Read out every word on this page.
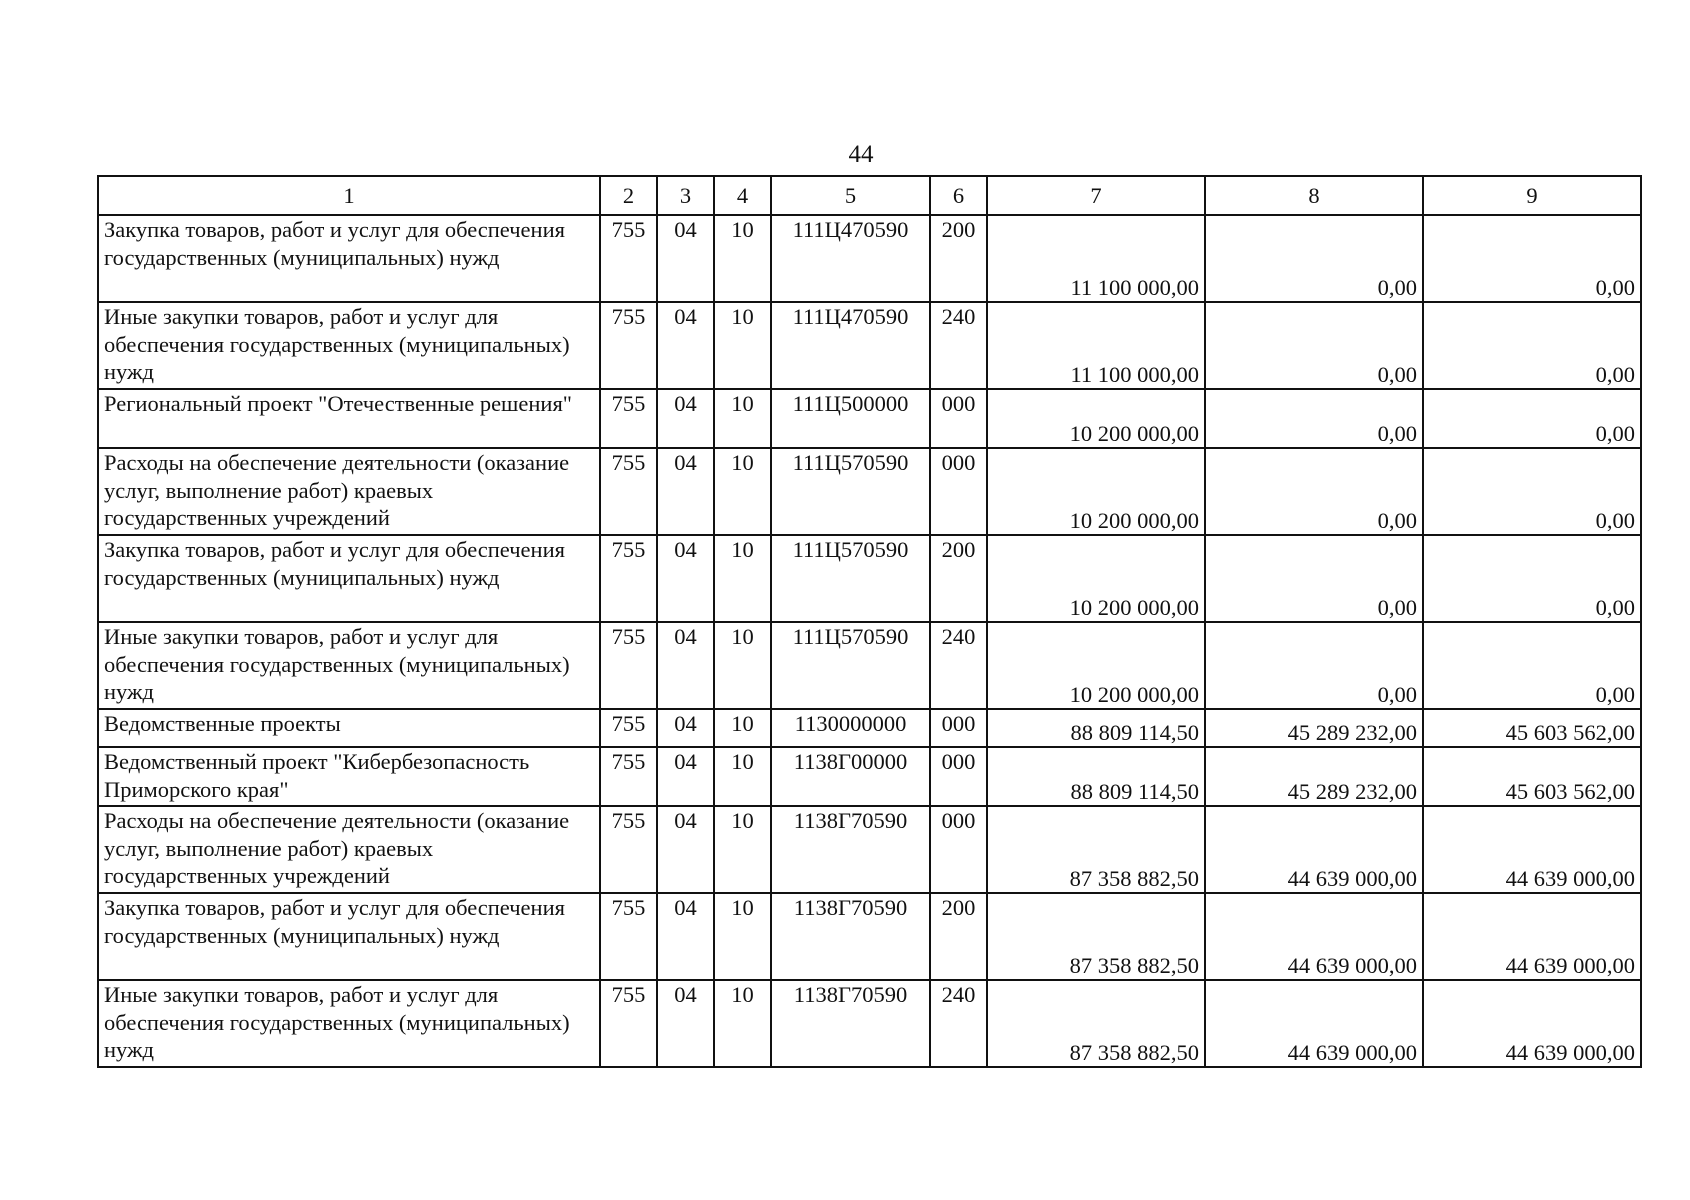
44
1	2	3	4	5	6	7	8	9
Закупка товаров, работ и услуг для обеспечения государственных (муниципальных) нужд	755	04	10	111Ц470590	200	11 100 000,00	0,00	0,00
Иные закупки товаров, работ и услуг для обеспечения государственных (муниципальных) нужд	755	04	10	111Ц470590	240	11 100 000,00	0,00	0,00
Региональный проект "Отечественные решения"	755	04	10	111Ц500000	000	10 200 000,00	0,00	0,00
Расходы на обеспечение деятельности (оказание услуг, выполнение работ) краевых государственных учреждений	755	04	10	111Ц570590	000	10 200 000,00	0,00	0,00
Закупка товаров, работ и услуг для обеспечения государственных (муниципальных) нужд	755	04	10	111Ц570590	200	10 200 000,00	0,00	0,00
Иные закупки товаров, работ и услуг для обеспечения государственных (муниципальных) нужд	755	04	10	111Ц570590	240	10 200 000,00	0,00	0,00
Ведомственные проекты	755	04	10	1130000000	000	88 809 114,50	45 289 232,00	45 603 562,00
Ведомственный проект "Кибербезопасность Приморского края"	755	04	10	1138Г00000	000	88 809 114,50	45 289 232,00	45 603 562,00
Расходы на обеспечение деятельности (оказание услуг, выполнение работ) краевых государственных учреждений	755	04	10	1138Г70590	000	87 358 882,50	44 639 000,00	44 639 000,00
Закупка товаров, работ и услуг для обеспечения государственных (муниципальных) нужд	755	04	10	1138Г70590	200	87 358 882,50	44 639 000,00	44 639 000,00
Иные закупки товаров, работ и услуг для обеспечения государственных (муниципальных) нужд	755	04	10	1138Г70590	240	87 358 882,50	44 639 000,00	44 639 000,00
